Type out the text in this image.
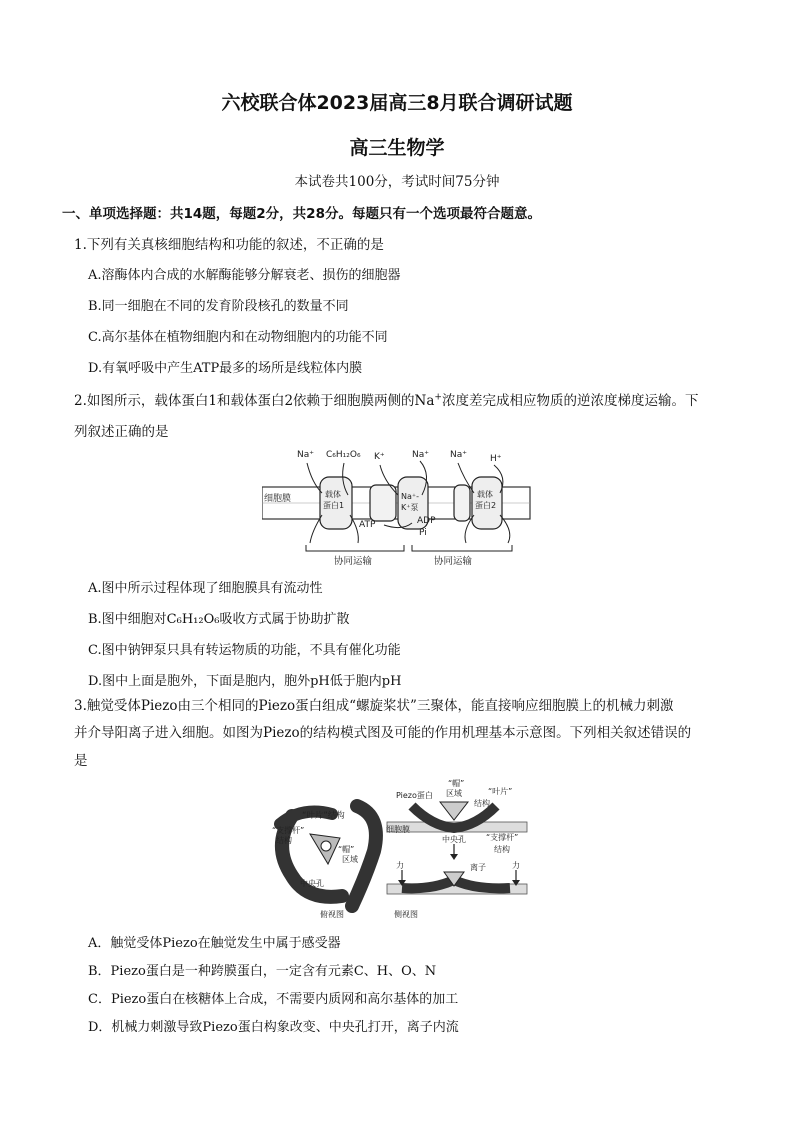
六校联合体2023届高三8月联合调研试题
高三生物学
本试卷共100分，考试时间75分钟
一、单项选择题：共14题，每题2分，共28分。每题只有一个选项最符合题意。
1.下列有关真核细胞结构和功能的叙述，不正确的是
A.溶酶体内合成的水解酶能够分解衰老、损伤的细胞器
B.同一细胞在不同的发育阶段核孔的数量不同
C.高尔基体在植物细胞内和在动物细胞内的功能不同
D.有氧呼吸中产生ATP最多的场所是线粒体内膜
2.如图所示，载体蛋白1和载体蛋白2依赖于细胞膜两侧的Na+浓度差完成相应物质的逆浓度梯度运输。下
列叙述正确的是
Na⁺ C₆H₁₂O₆ K⁺	Na⁺ Na⁺	H⁺
细胞膜	载体
蛋白1
Na⁺-
K⁺泵
载体
蛋白2
ATP	ADP
Pi
协同运输	协同运输
A.图中所示过程体现了细胞膜具有流动性
B.图中细胞对C₆H₁₂O₆吸收方式属于协助扩散
C.图中钠钾泵只具有转运物质的功能，不具有催化功能
D.图中上面是胞外，下面是胞内，胞外pH低于胞内pH
3.触觉受体Piezo由三个相同的Piezo蛋白组成“螺旋桨状”三聚体，能直接响应细胞膜上的机械力刺激
并介导阳离子进入细胞。如图为Piezo的结构模式图及可能的作用机理基本示意图。下列相关叙述错误的
是
“叶片”结构
“支撑杆”
结构
“帽”
区域
中央孔
俯视图
Piezo蛋白
“帽”
区域	“叶片”
结构
细胞膜
“支撑杆”
结构
中央孔
离子
力	力
侧视图
A．触觉受体Piezo在触觉发生中属于感受器
B．Piezo蛋白是一种跨膜蛋白，一定含有元素C、H、O、N
C．Piezo蛋白在核糖体上合成，不需要内质网和高尔基体的加工
D．机械力刺激导致Piezo蛋白构象改变、中央孔打开，离子内流
